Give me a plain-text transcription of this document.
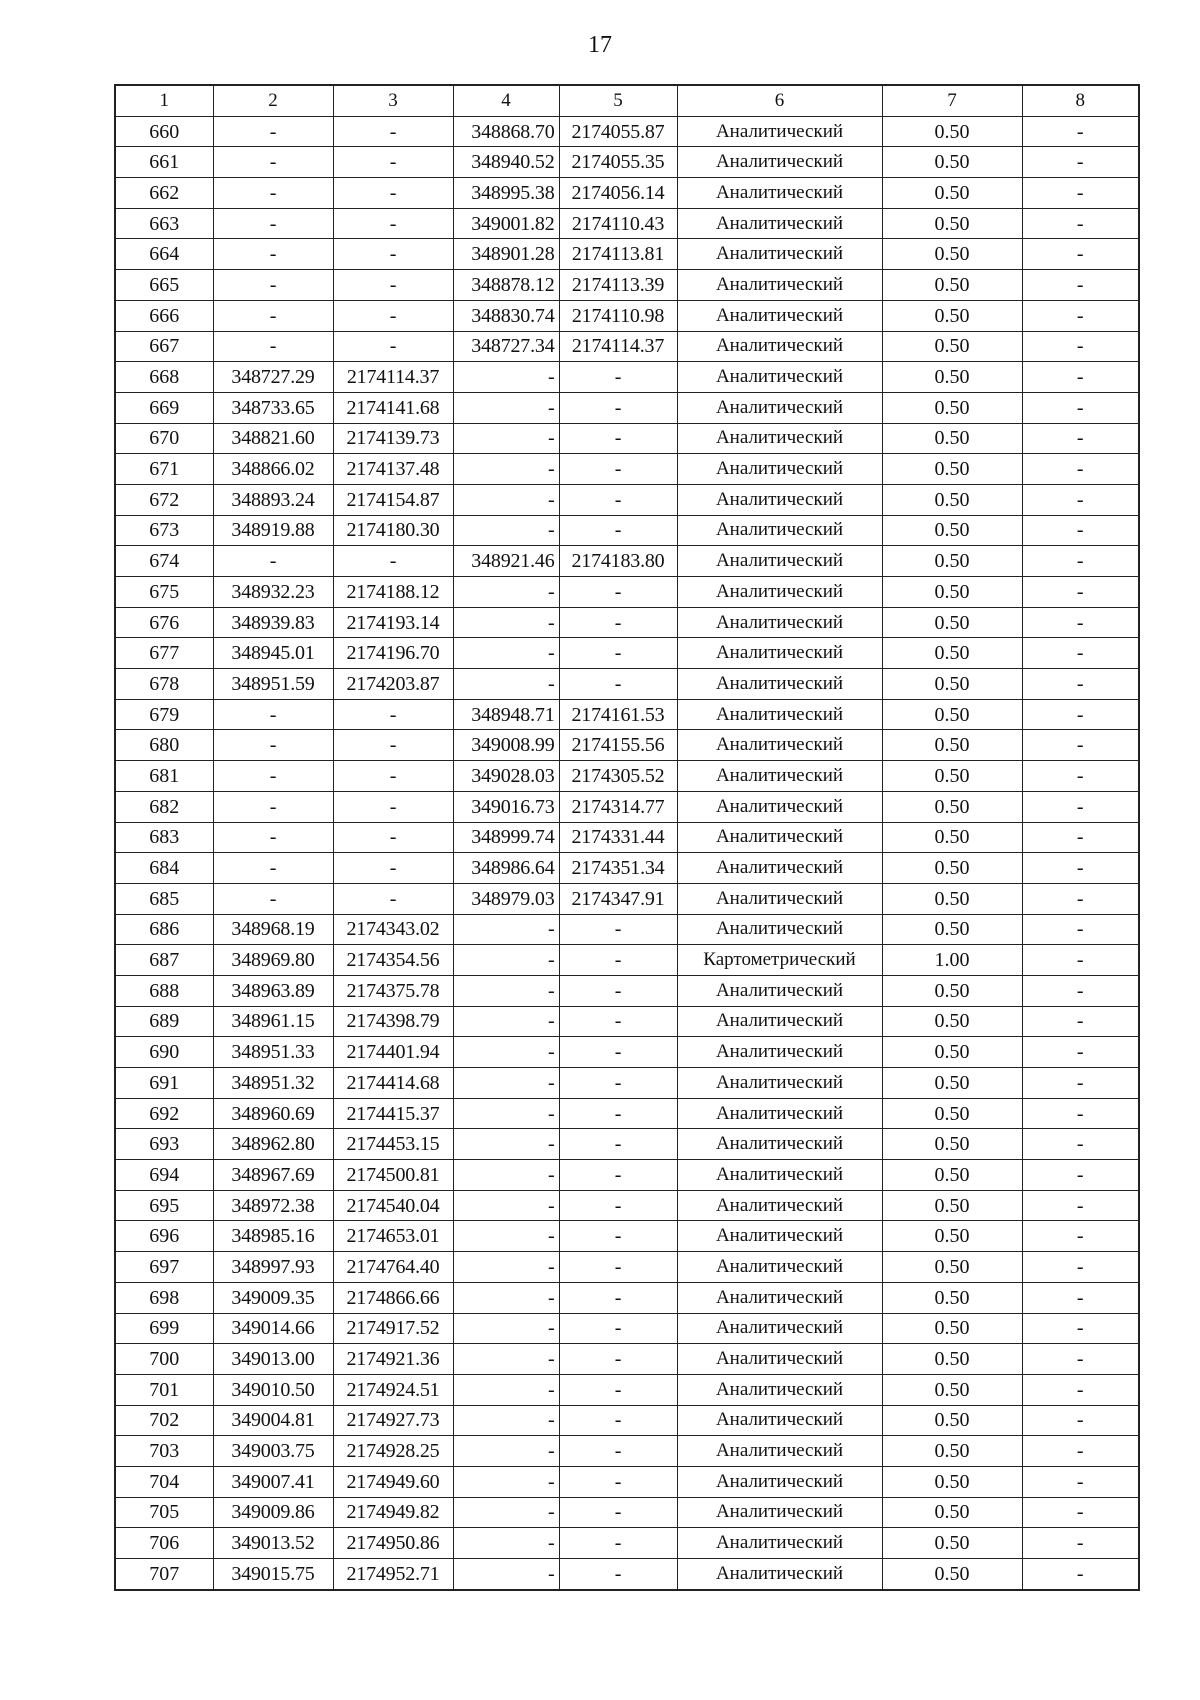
17
1	2	3	4	5	6	7	8
660	-	-	348868.70	2174055.87	Аналитический	0.50	-
661	-	-	348940.52	2174055.35	Аналитический	0.50	-
662	-	-	348995.38	2174056.14	Аналитический	0.50	-
663	-	-	349001.82	2174110.43	Аналитический	0.50	-
664	-	-	348901.28	2174113.81	Аналитический	0.50	-
665	-	-	348878.12	2174113.39	Аналитический	0.50	-
666	-	-	348830.74	2174110.98	Аналитический	0.50	-
667	-	-	348727.34	2174114.37	Аналитический	0.50	-
668	348727.29	2174114.37	-	-	Аналитический	0.50	-
669	348733.65	2174141.68	-	-	Аналитический	0.50	-
670	348821.60	2174139.73	-	-	Аналитический	0.50	-
671	348866.02	2174137.48	-	-	Аналитический	0.50	-
672	348893.24	2174154.87	-	-	Аналитический	0.50	-
673	348919.88	2174180.30	-	-	Аналитический	0.50	-
674	-	-	348921.46	2174183.80	Аналитический	0.50	-
675	348932.23	2174188.12	-	-	Аналитический	0.50	-
676	348939.83	2174193.14	-	-	Аналитический	0.50	-
677	348945.01	2174196.70	-	-	Аналитический	0.50	-
678	348951.59	2174203.87	-	-	Аналитический	0.50	-
679	-	-	348948.71	2174161.53	Аналитический	0.50	-
680	-	-	349008.99	2174155.56	Аналитический	0.50	-
681	-	-	349028.03	2174305.52	Аналитический	0.50	-
682	-	-	349016.73	2174314.77	Аналитический	0.50	-
683	-	-	348999.74	2174331.44	Аналитический	0.50	-
684	-	-	348986.64	2174351.34	Аналитический	0.50	-
685	-	-	348979.03	2174347.91	Аналитический	0.50	-
686	348968.19	2174343.02	-	-	Аналитический	0.50	-
687	348969.80	2174354.56	-	-	Картометрический	1.00	-
688	348963.89	2174375.78	-	-	Аналитический	0.50	-
689	348961.15	2174398.79	-	-	Аналитический	0.50	-
690	348951.33	2174401.94	-	-	Аналитический	0.50	-
691	348951.32	2174414.68	-	-	Аналитический	0.50	-
692	348960.69	2174415.37	-	-	Аналитический	0.50	-
693	348962.80	2174453.15	-	-	Аналитический	0.50	-
694	348967.69	2174500.81	-	-	Аналитический	0.50	-
695	348972.38	2174540.04	-	-	Аналитический	0.50	-
696	348985.16	2174653.01	-	-	Аналитический	0.50	-
697	348997.93	2174764.40	-	-	Аналитический	0.50	-
698	349009.35	2174866.66	-	-	Аналитический	0.50	-
699	349014.66	2174917.52	-	-	Аналитический	0.50	-
700	349013.00	2174921.36	-	-	Аналитический	0.50	-
701	349010.50	2174924.51	-	-	Аналитический	0.50	-
702	349004.81	2174927.73	-	-	Аналитический	0.50	-
703	349003.75	2174928.25	-	-	Аналитический	0.50	-
704	349007.41	2174949.60	-	-	Аналитический	0.50	-
705	349009.86	2174949.82	-	-	Аналитический	0.50	-
706	349013.52	2174950.86	-	-	Аналитический	0.50	-
707	349015.75	2174952.71	-	-	Аналитический	0.50	-
